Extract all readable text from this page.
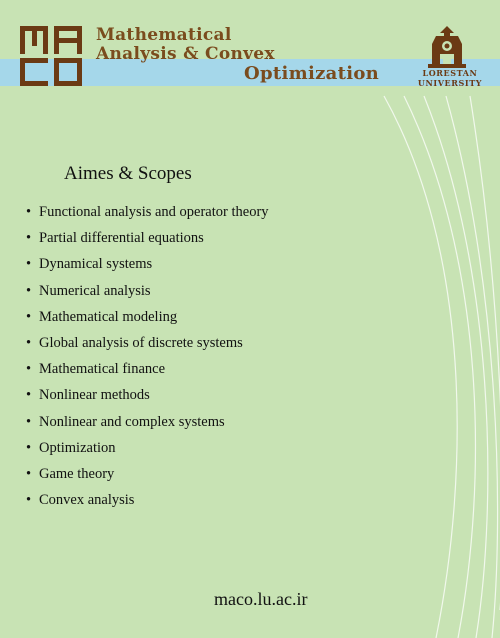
Mathematical
Analysis & Convex
Optimization	LORESTAN
UNIVERSITY
Aimes & Scopes
• Functional analysis and operator theory
• Partial differential equations
• Dynamical systems
• Numerical analysis
• Mathematical modeling
• Global analysis of discrete systems
• Mathematical finance
• Nonlinear methods
• Nonlinear and complex systems
• Optimization
• Game theory
• Convex analysis
maco.lu.ac.ir
